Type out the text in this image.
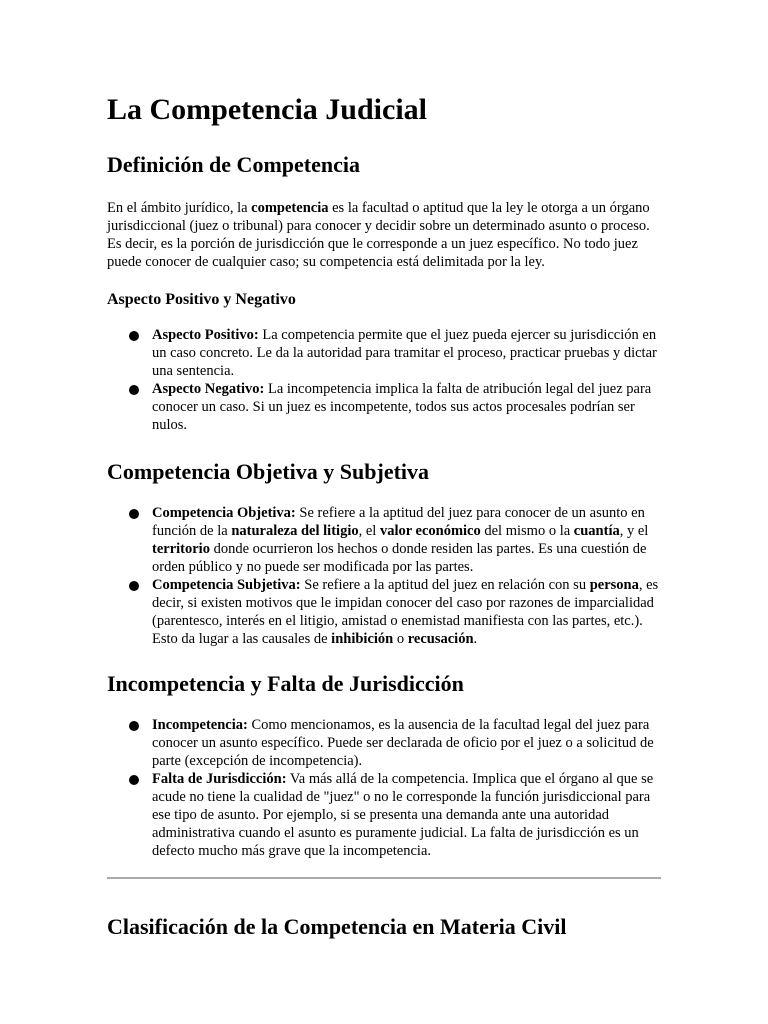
La Competencia Judicial
Definición de Competencia

En el ámbito jurídico, la competencia es la facultad o aptitud que la ley le otorga a un órgano jurisdiccional (juez o tribunal) para conocer y decidir sobre un determinado asunto o proceso. Es decir, es la porción de jurisdicción que le corresponde a un juez específico. No todo juez puede conocer de cualquier caso; su competencia está delimitada por la ley.

Aspecto Positivo y Negativo
Aspecto Positivo: La competencia permite que el juez pueda ejercer su jurisdicción en un caso concreto. Le da la autoridad para tramitar el proceso, practicar pruebas y dictar una sentencia.
Aspecto Negativo: La incompetencia implica la falta de atribución legal del juez para conocer un caso. Si un juez es incompetente, todos sus actos procesales podrían ser nulos.
Competencia Objetiva y Subjetiva
Competencia Objetiva: Se refiere a la aptitud del juez para conocer de un asunto en función de la naturaleza del litigio, el valor económico del mismo o la cuantía, y el territorio donde ocurrieron los hechos o donde residen las partes. Es una cuestión de orden público y no puede ser modificada por las partes.
Competencia Subjetiva: Se refiere a la aptitud del juez en relación con su persona, es decir, si existen motivos que le impidan conocer del caso por razones de imparcialidad (parentesco, interés en el litigio, amistad o enemistad manifiesta con las partes, etc.). Esto da lugar a las causales de inhibición o recusación.
Incompetencia y Falta de Jurisdicción
Incompetencia: Como mencionamos, es la ausencia de la facultad legal del juez para conocer un asunto específico. Puede ser declarada de oficio por el juez o a solicitud de parte (excepción de incompetencia).
Falta de Jurisdicción: Va más allá de la competencia. Implica que el órgano al que se acude no tiene la cualidad de "juez" o no le corresponde la función jurisdiccional para ese tipo de asunto. Por ejemplo, si se presenta una demanda ante una autoridad administrativa cuando el asunto es puramente judicial. La falta de jurisdicción es un defecto mucho más grave que la incompetencia.
Clasificación de la Competencia en Materia Civil
